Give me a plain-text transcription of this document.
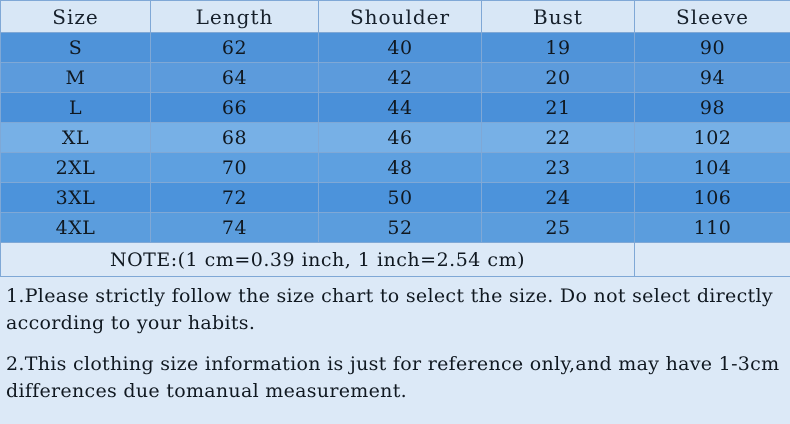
Size	Length	Shoulder	Bust	Sleeve
S	62	40	19	90
M	64	42	20	94
L	66	44	21	98
XL	68	46	22	102
2XL	70	48	23	104
3XL	72	50	24	106
4XL	74	52	25	110
NOTE:(1 cm=0.39 inch, 1 inch=2.54 cm)				

1.Please strictly follow the size chart to select the size. Do not select directly according to your habits.

2.This clothing size information is just for reference only,and may have 1-3cm differences due tomanual measurement.
